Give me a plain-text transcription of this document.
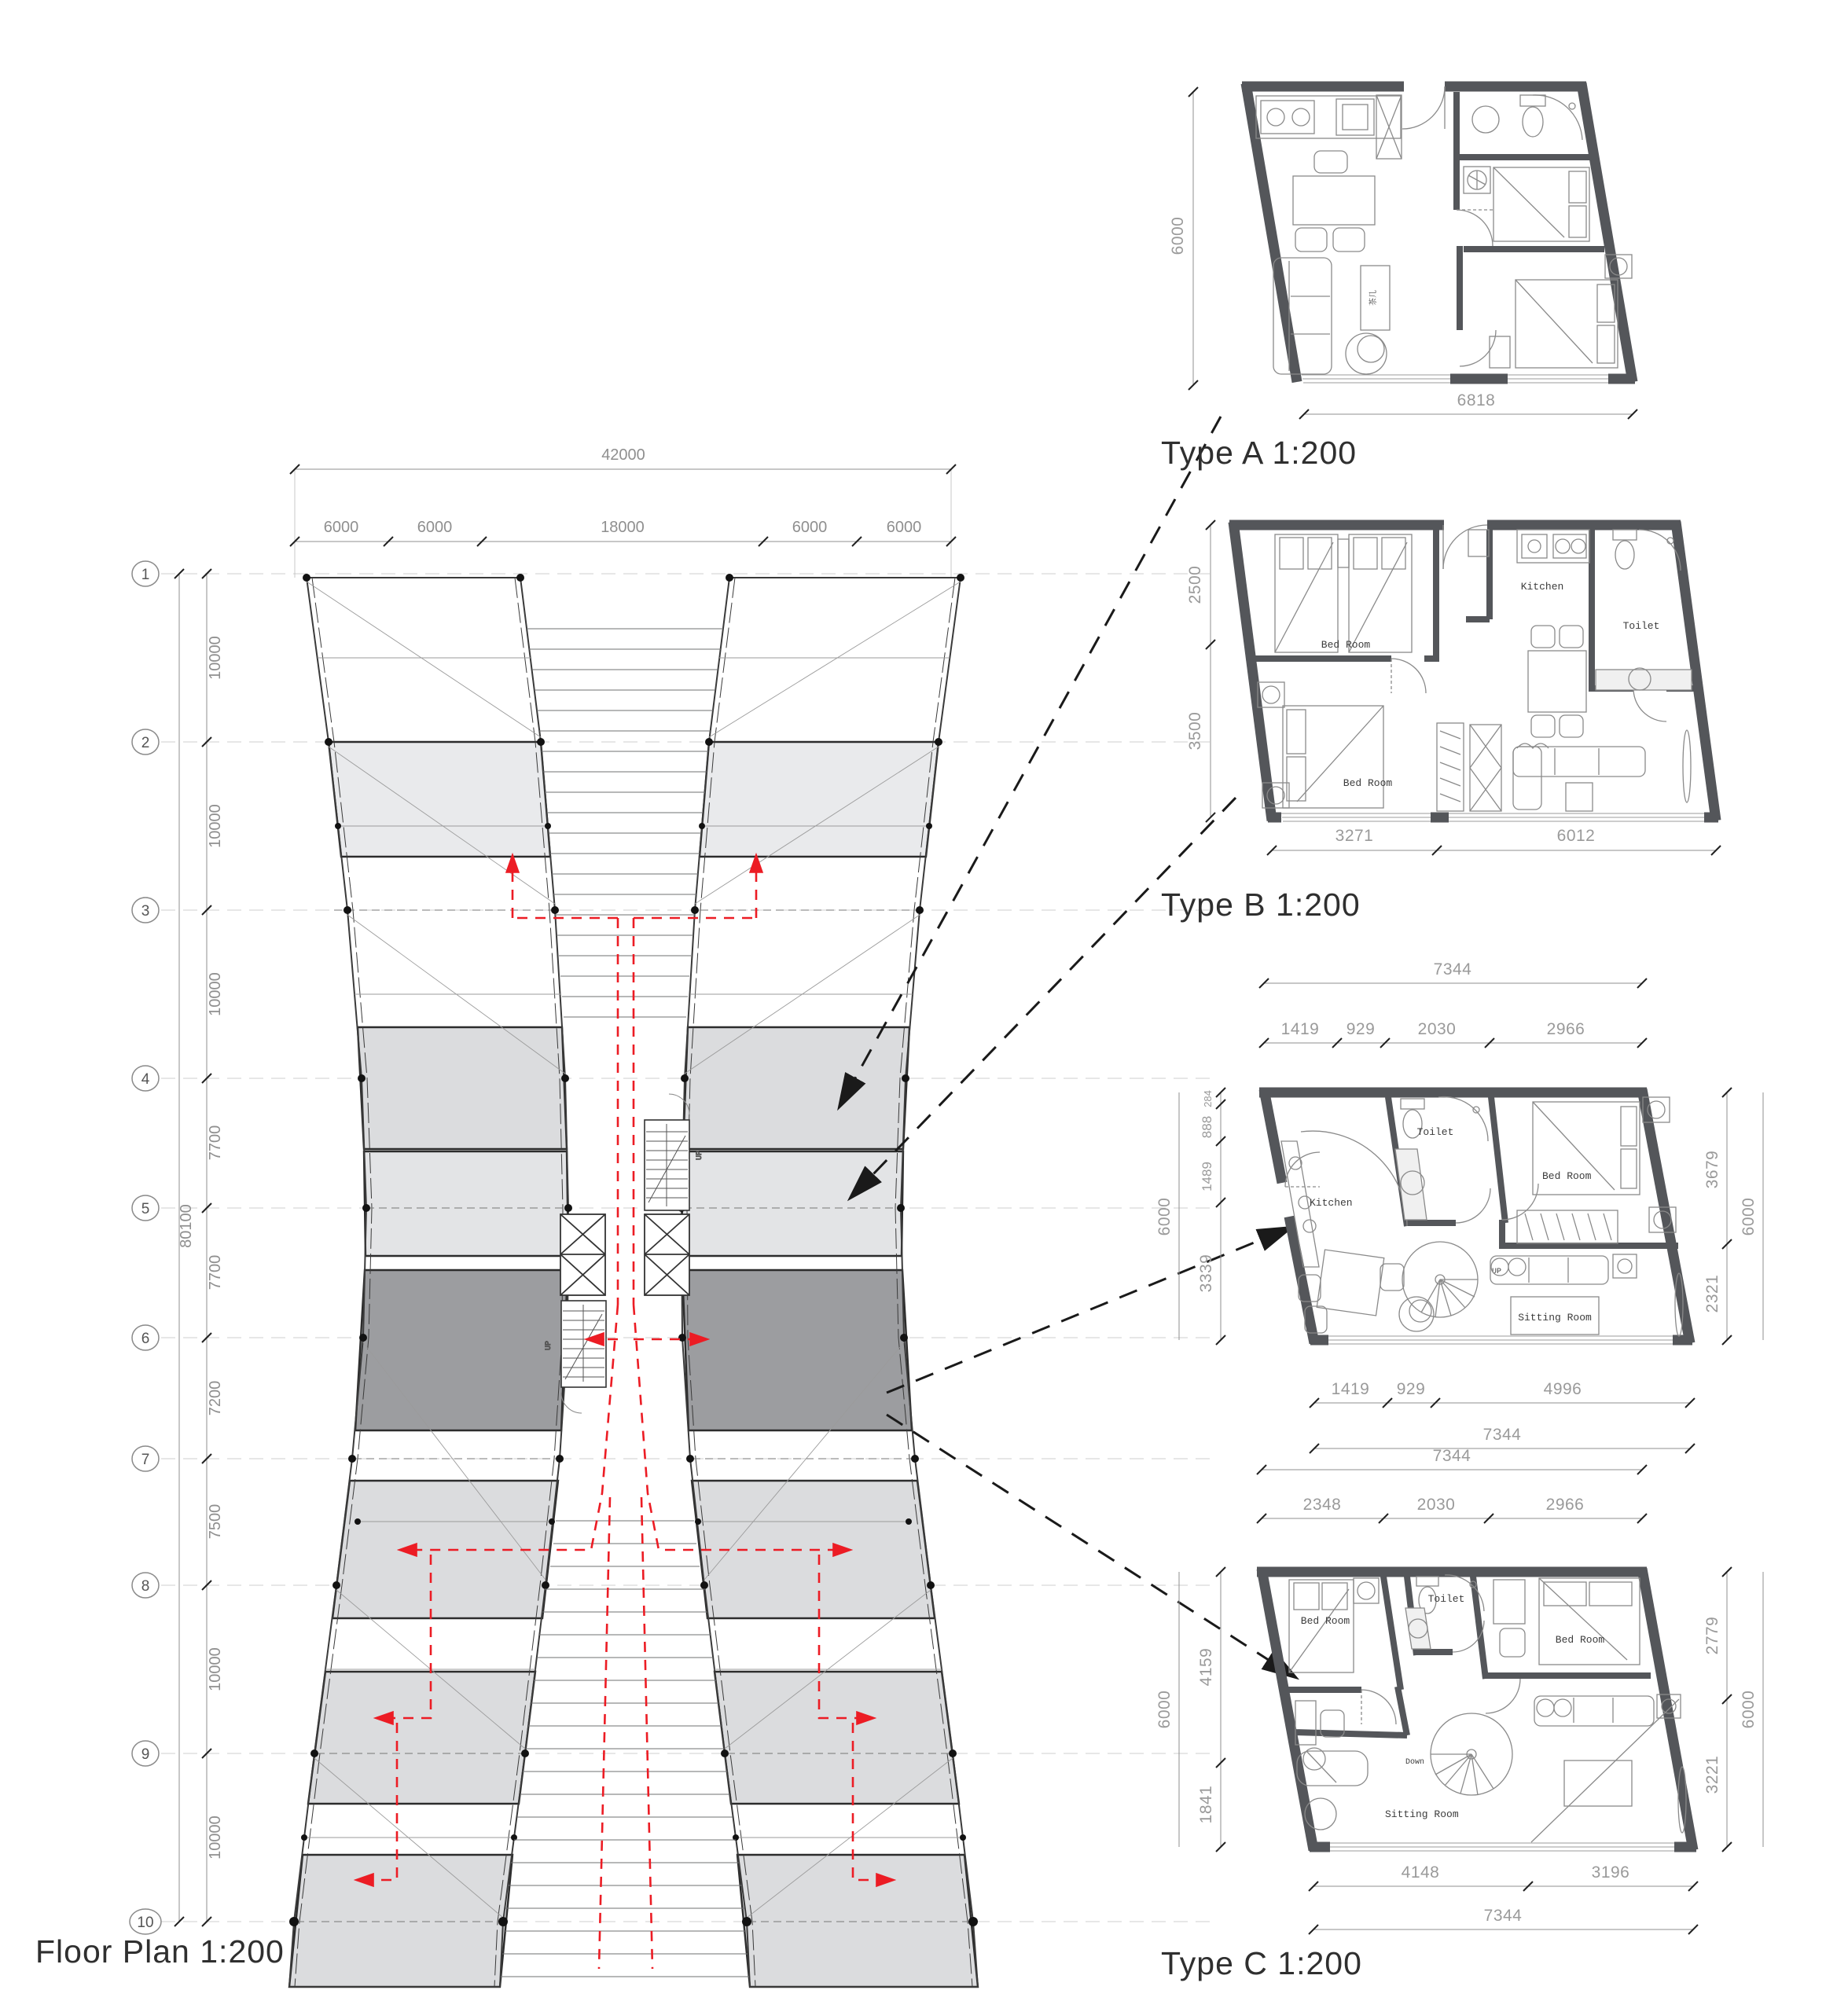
1
2
3
4
5
6
7
8
9
10
80100
10000
10000
10000
7700
7700
7200
7500
10000
10000
42000
6000	6000	18000	6000	6000
UP
UP
Floor Plan 1:200
茶几
6000
6818
Type A 1:200
Bed Room
Bed Room
Kitchen
Toilet
2500
3500
3271	6012
Type B 1:200
UP
Kitchen
Toilet
Bed Room
Sitting Room
7344
1419 929	2030	2966
6000
284
888
1489
3339
3679
2321
6000
1419 929	4996
7344
Down
Bed Room
Toilet
Bed Room
Sitting Room
7344
2348	2030	2966
6000
4159
1841
2779
3221
6000
4148	3196
7344
Type C 1:200
